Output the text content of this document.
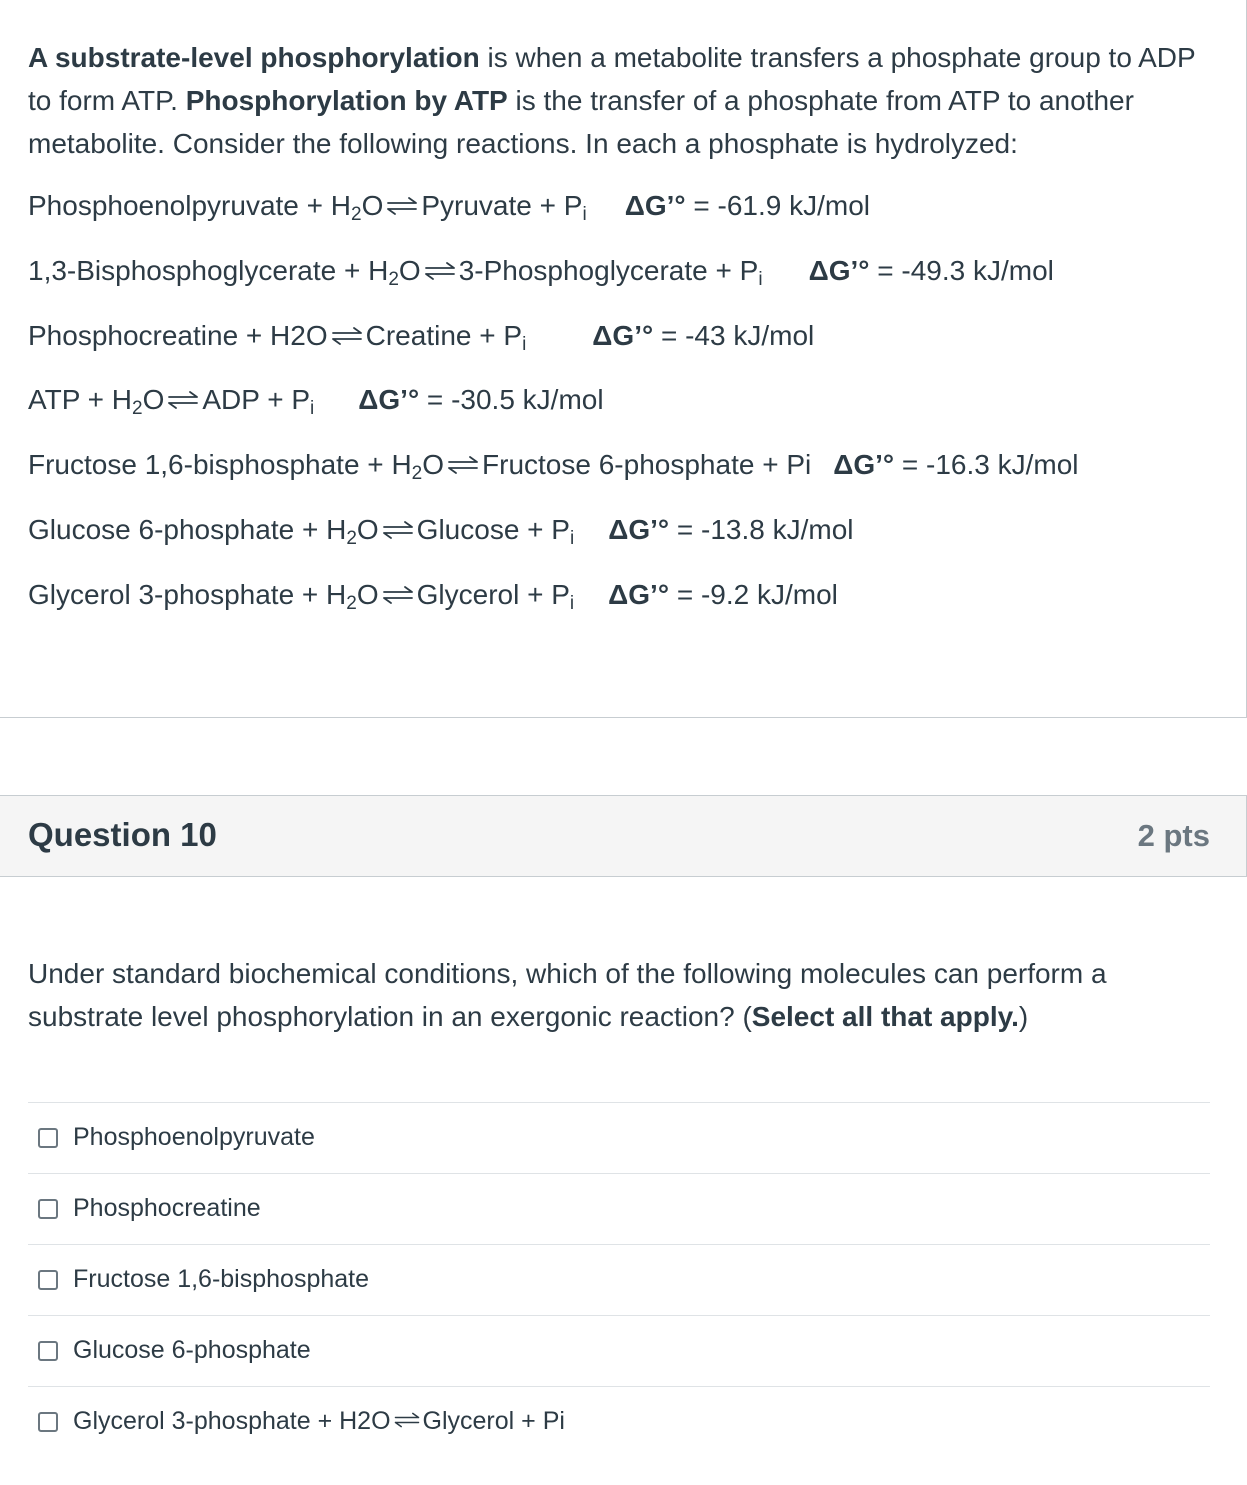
A substrate-level phosphorylation is when a metabolite transfers a phosphate group to ADP to form ATP. Phosphorylation by ATP is the transfer of a phosphate from ATP to another metabolite. Consider the following reactions. In each a phosphate is hydrolyzed:
Phosphoenolpyruvate + $H_2O$ ⇌ Pyruvate + $P_i$ ΔG’° = -61.9 kJ/mol
1,3-Bisphosphoglycerate + $H_2O$ ⇌ 3-Phosphoglycerate + $P_i$ ΔG’° = -49.3 kJ/mol
Phosphocreatine + H2O ⇌ Creatine + $P_i$ ΔG’° = -43 kJ/mol
ATP + $H_2O$ ⇌ ADP + $P_i$ ΔG’° = -30.5 kJ/mol
Fructose 1,6-bisphosphate + $H_2O$ ⇌ Fructose 6-phosphate + Pi ΔG’° = -16.3 kJ/mol
Glucose 6-phosphate + $H_2O$ ⇌ $Glucose + P_i$ ΔG’° = -13.8 kJ/mol
Glycerol 3-phosphate + $H_2O$ ⇌ Glycerol + $P_i$ ΔG’° = -9.2 kJ/mol
Question 10	2 pts
Under standard biochemical conditions, which of the following molecules can perform a substrate level phosphorylation in an exergonic reaction? (Select all that apply.)
Phosphoenolpyruvate
Phosphocreatine
Fructose 1,6-bisphosphate
Glucose 6-phosphate
Glycerol 3-phosphate + H2O ⇌ Glycerol + Pi
